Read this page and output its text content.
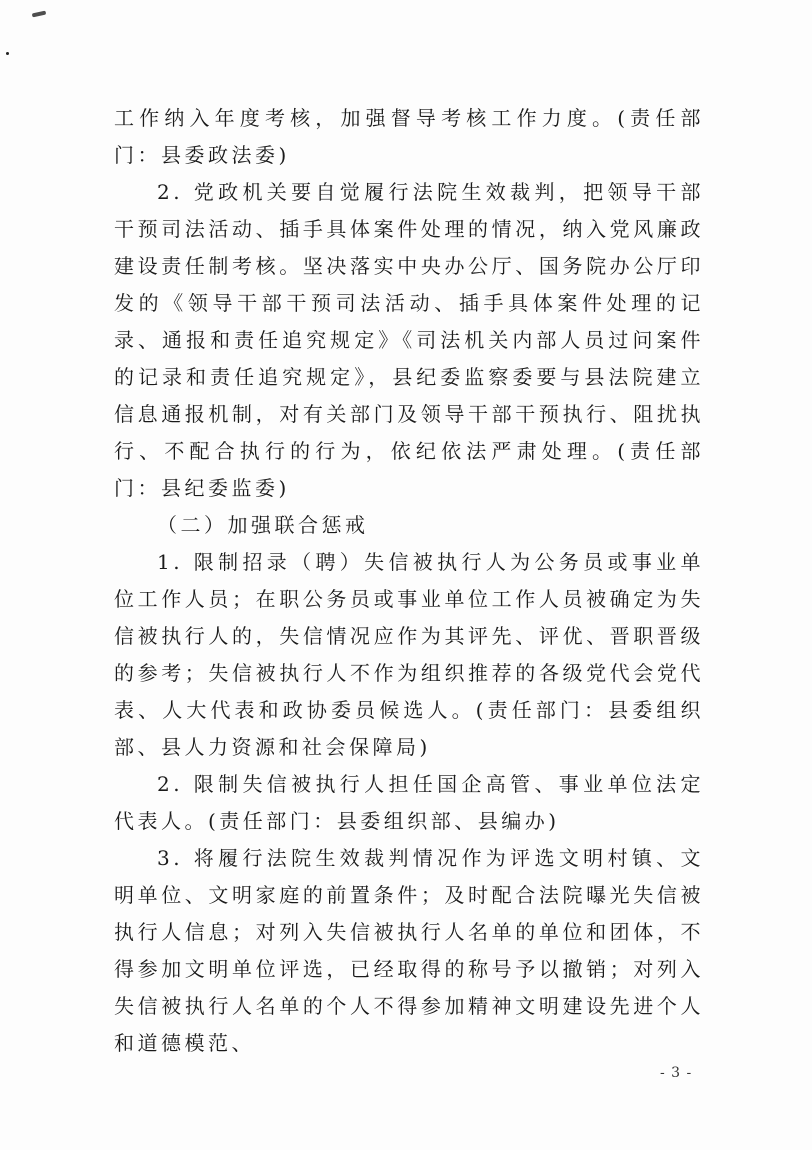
工作纳入年度考核，加强督导考核工作力度。(责任部门：县委政法委)

2. 党政机关要自觉履行法院生效裁判，把领导干部干预司法活动、插手具体案件处理的情况，纳入党风廉政建设责任制考核。坚决落实中央办公厅、国务院办公厅印发的《领导干部干预司法活动、插手具体案件处理的记录、通报和责任追究规定》《司法机关内部人员过问案件的记录和责任追究规定》，县纪委监察委要与县法院建立信息通报机制，对有关部门及领导干部干预执行、阻扰执行、不配合执行的行为，依纪依法严肃处理。(责任部门：县纪委监委)

（二）加强联合惩戒

1. 限制招录（聘）失信被执行人为公务员或事业单位工作人员；在职公务员或事业单位工作人员被确定为失信被执行人的，失信情况应作为其评先、评优、晋职晋级的参考；失信被执行人不作为组织推荐的各级党代会党代表、人大代表和政协委员候选人。(责任部门：县委组织部、县人力资源和社会保障局)

2. 限制失信被执行人担任国企高管、事业单位法定代表人。(责任部门：县委组织部、县编办)

3. 将履行法院生效裁判情况作为评选文明村镇、文明单位、文明家庭的前置条件；及时配合法院曝光失信被执行人信息；对列入失信被执行人名单的单位和团体，不得参加文明单位评选，已经取得的称号予以撤销；对列入失信被执行人名单的个人不得参加精神文明建设先进个人和道德模范、

- 3 -
